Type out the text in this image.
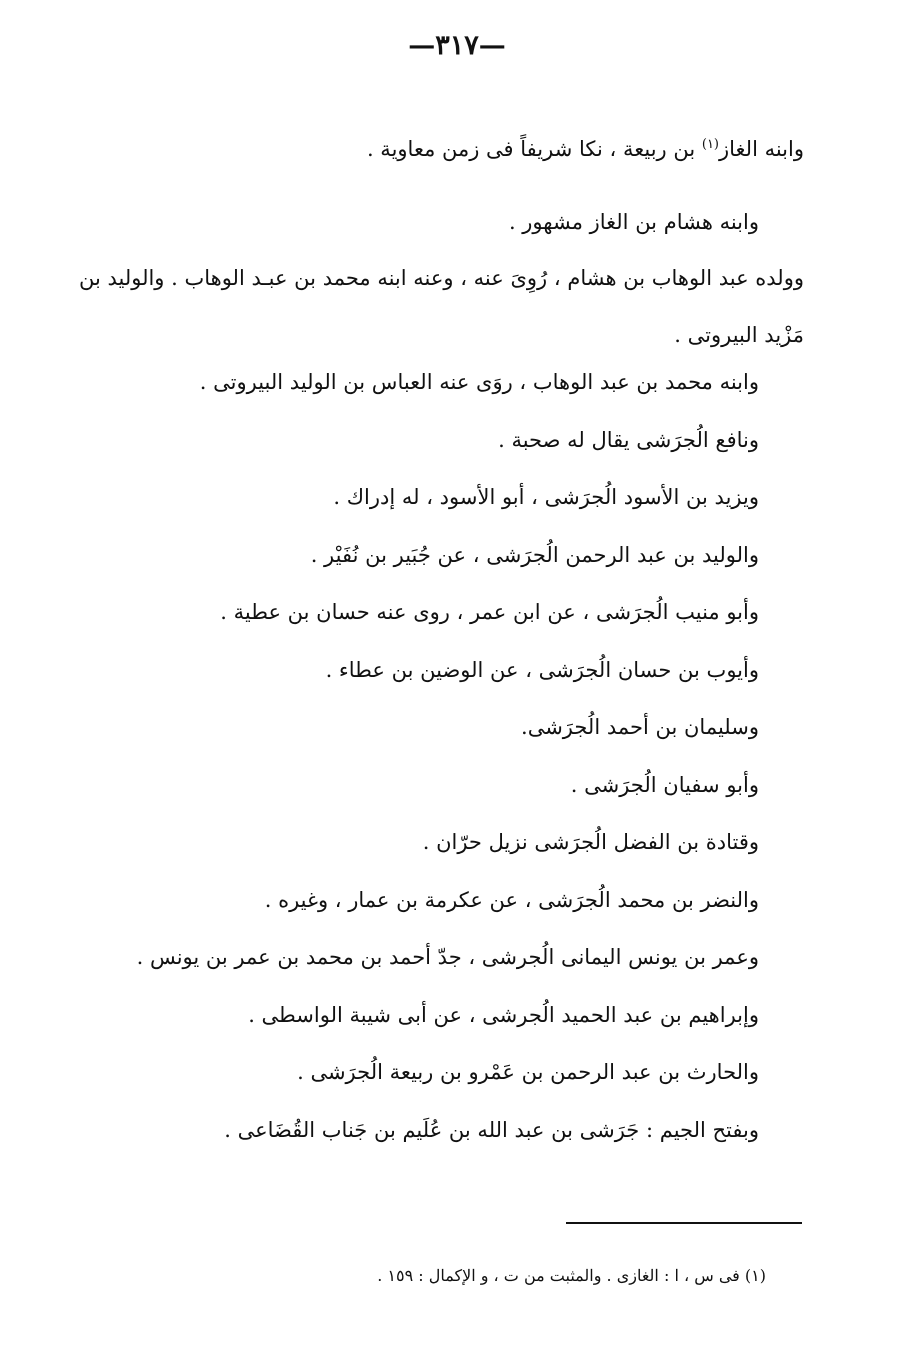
—٣١٧—

وابنه الغاز$^{(١)}$ بن ربيعة ، نكا شريفاً فى زمن معاوية .

وابنه هشام بن الغاز مشهور .

وولده عبد الوهاب بن هشام ، رُوِىَ عنه ، وعنه ابنه محمد بن عبـد الوهاب . والوليد بن

مَزْيد البيروتى .

وابنه محمد بن عبد الوهاب ، روَى عنه العباس بن الوليد البيروتى .

ونافع الُجرَشى يقال له صحبة .

ويزيد بن الأسود الُجرَشى ، أبو الأسود ، له إدراك .

والوليد بن عبد الرحمن الُجرَشى ، عن جُبَير بن نُفَيْر .

وأبو منيب الُجرَشى ، عن ابن عمر ، روى عنه حسان بن عطية .

وأيوب بن حسان الُجرَشى ، عن الوضين بن عطاء .

وسليمان بن أحمد الُجرَشى.

وأبو سفيان الُجرَشى .

وقتادة بن الفضل الُجرَشى نزيل حرّان .

والنضر بن محمد الُجرَشى ، عن عكرمة بن عمار ، وغيره .

وعمر بن يونس اليمانى الُجرشى ، جدّ أحمد بن محمد بن عمر بن يونس .

وإبراهيم بن عبد الحميد الُجرشى ، عن أبى شيبة الواسطى .

والحارث بن عبد الرحمن بن عَمْرو بن ربيعة الُجرَشى .

وبفتح الجيم : جَرَشى بن عبد الله بن عُلَيم بن جَناب القُضَاعى .

(١) فى س ، ا : الغازى . والمثبت من ت ، و الإكمال : ١٥٩ .
